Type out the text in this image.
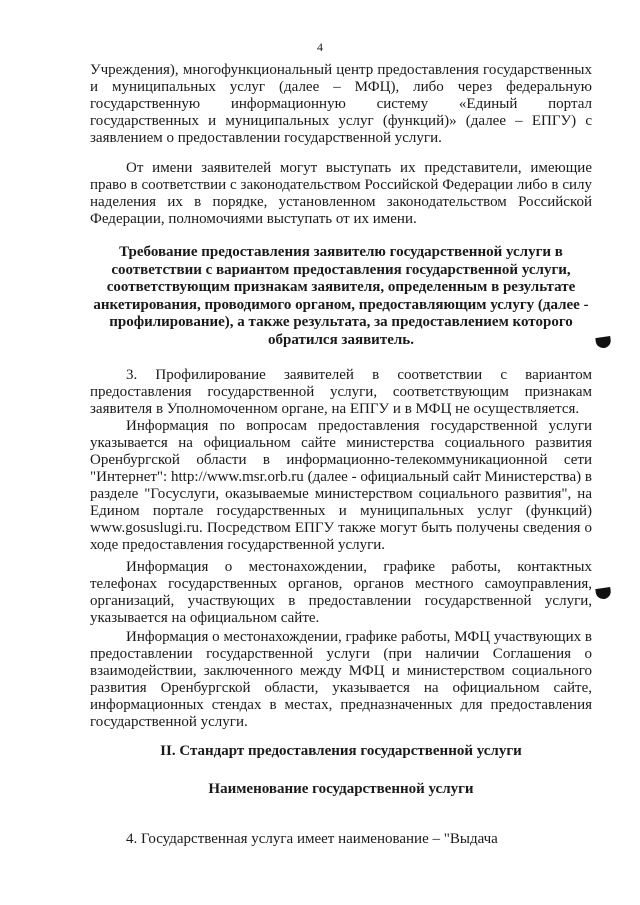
4

Учреждения), многофункциональный центр предоставления государственных и муниципальных услуг (далее – МФЦ), либо через федеральную государственную информационную систему «Единый портал государственных и муниципальных услуг (функций)» (далее – ЕПГУ) с заявлением о предоставлении государственной услуги.

От имени заявителей могут выступать их представители, имеющие право в соответствии с законодательством Российской Федерации либо в силу наделения их в порядке, установленном законодательством Российской Федерации, полномочиями выступать от их имени.

Требование предоставления заявителю государственной услуги в соответствии с вариантом предоставления государственной услуги, соответствующим признакам заявителя, определенным в результате анкетирования, проводимого органом, предоставляющим услугу (далее - профилирование), а также результата, за предоставлением которого обратился заявитель.

3. Профилирование заявителей в соответствии с вариантом предоставления государственной услуги, соответствующим признакам заявителя в Уполномоченном органе, на ЕПГУ и в МФЦ не осуществляется.

Информация по вопросам предоставления государственной услуги указывается на официальном сайте министерства социального развития Оренбургской области в информационно-телекоммуникационной сети "Интернет": http://www.msr.orb.ru (далее - официальный сайт Министерства) в разделе "Госуслуги, оказываемые министерством социального развития", на Едином портале государственных и муниципальных услуг (функций) www.gosuslugi.ru. Посредством ЕПГУ также могут быть получены сведения о ходе предоставления государственной услуги.

Информация о местонахождении, графике работы, контактных телефонах государственных органов, органов местного самоуправления, организаций, участвующих в предоставлении государственной услуги, указывается на официальном сайте.

Информация о местонахождении, графике работы, МФЦ участвующих в предоставлении государственной услуги (при наличии Соглашения о взаимодействии, заключенного между МФЦ и министерством социального развития Оренбургской области, указывается на официальном сайте, информационных стендах в местах, предназначенных для предоставления государственной услуги.

II. Стандарт предоставления государственной услуги

Наименование государственной услуги

4. Государственная услуга имеет наименование – "Выдача
